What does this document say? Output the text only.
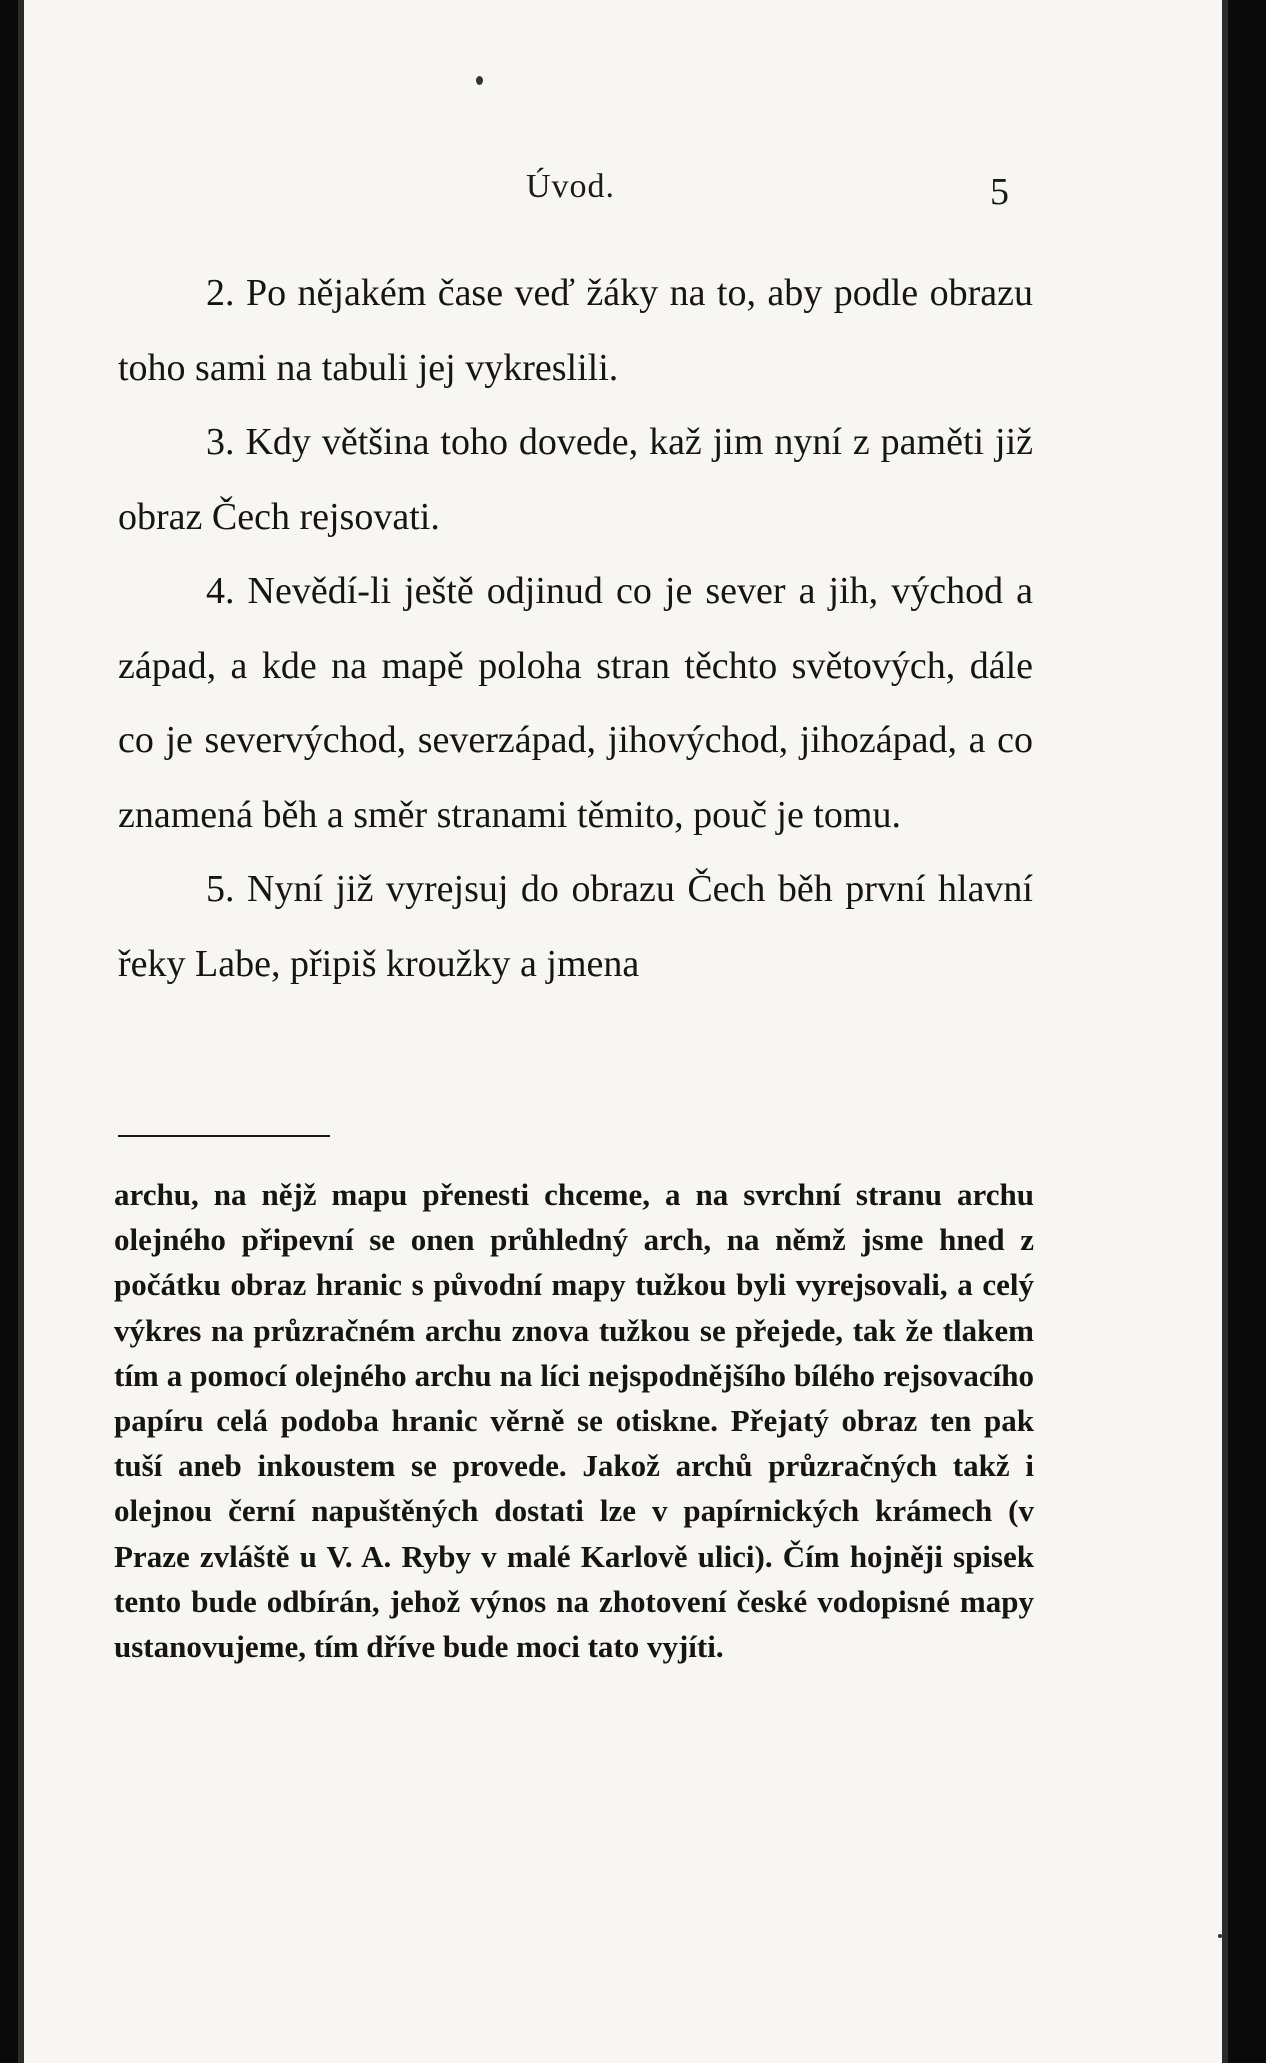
Úvod.	5

2. Po nějakém čase veď žáky na to, aby podle obrazu toho sami na tabuli jej vykreslili.

3. Kdy většina toho dovede, kaž jim nyní z paměti již obraz Čech rejsovati.

4. Nevědí-li ještě odjinud co je sever a jih, východ a západ, a kde na mapě poloha stran těchto světových, dále co je severvýchod, severzápad, jihovýchod, jihozápad, a co znamená běh a směr stranami těmito, pouč je tomu.

5. Nyní již vyrejsuj do obrazu Čech běh první hlavní řeky Labe, připiš kroužky a jmena

archu, na nějž mapu přenesti chceme, a na svrchní stranu archu olejného připevní se onen průhledný arch, na němž jsme hned z počátku obraz hranic s původní mapy tužkou byli vyrejsovali, a celý výkres na průzračném archu znova tužkou se přejede, tak že tlakem tím a pomocí olejného archu na líci nejspodnějšího bílého rejsovacího papíru celá podoba hranic věrně se otiskne. Přejatý obraz ten pak tuší aneb inkoustem se provede. Jakož archů průzračných takž i olejnou černí napuštěných dostati lze v papírnických krámech (v Praze zvláště u V. A. Ryby v malé Karlově ulici). Čím hojněji spisek tento bude odbírán, jehož výnos na zhotovení české vodopisné mapy ustanovujeme, tím dříve bude moci tato vyjíti.
